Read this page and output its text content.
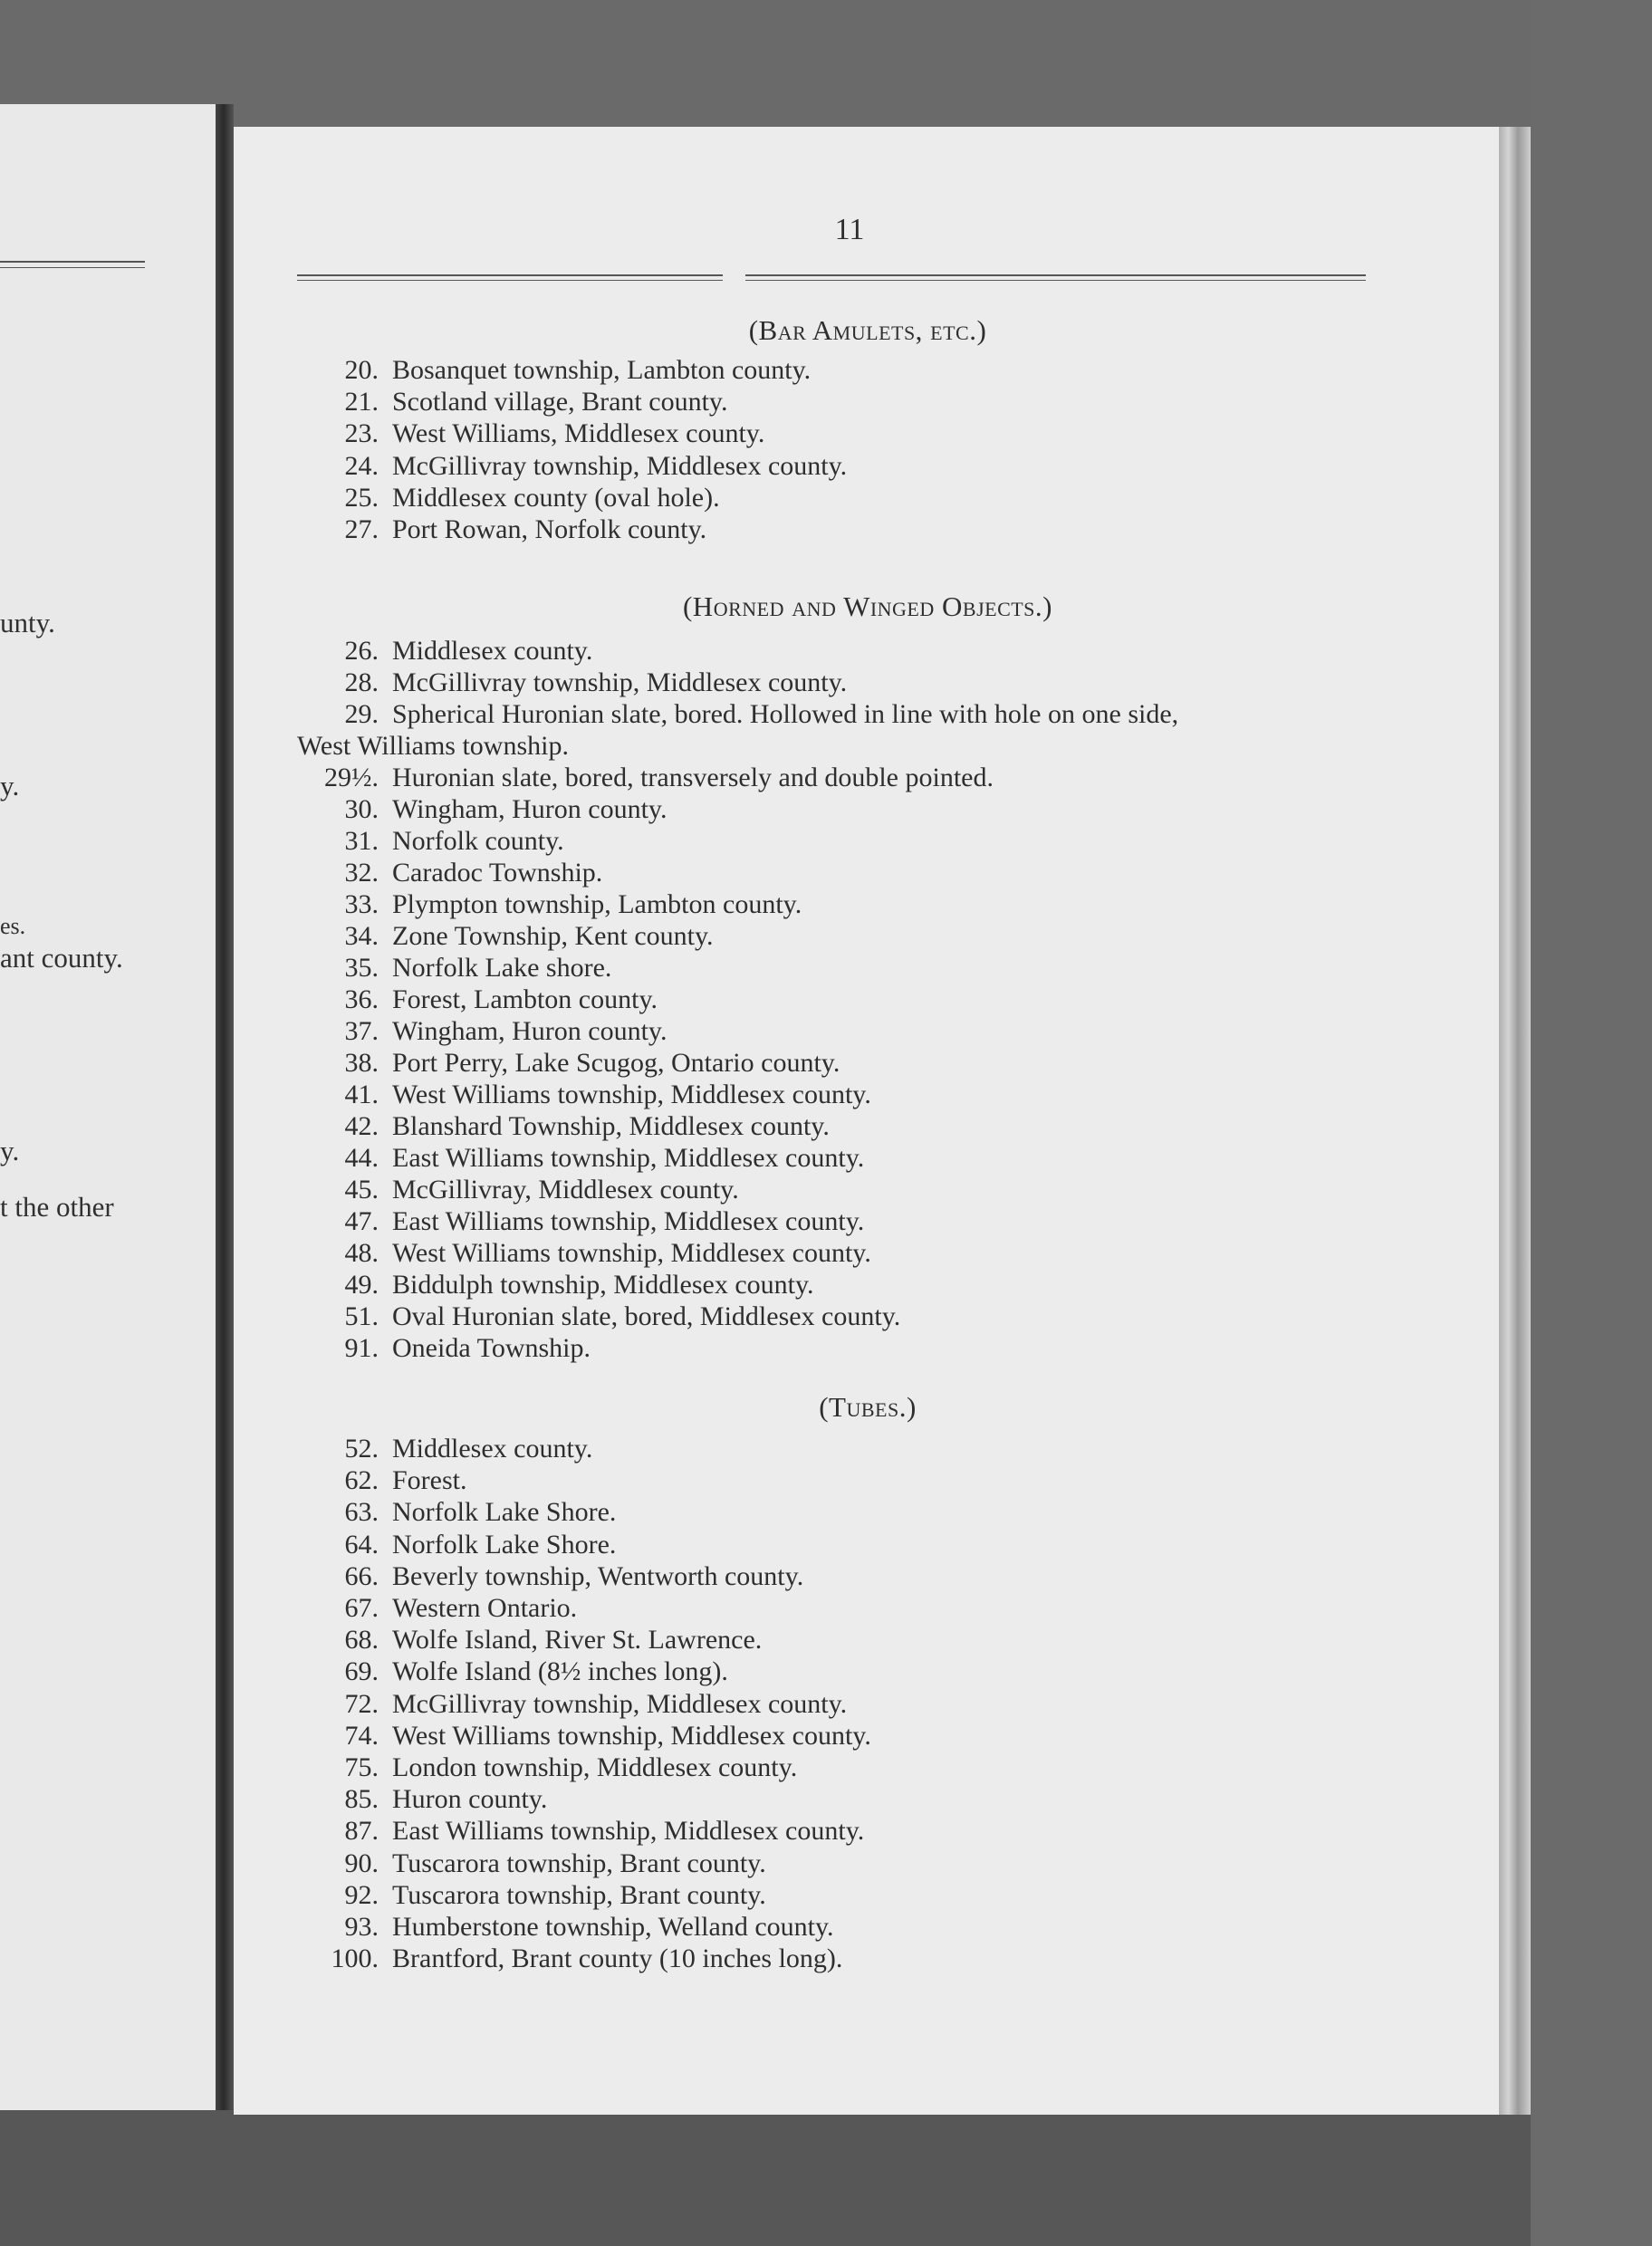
unty.
y.
es.
ant county.
y.
t the other
11
(Bar Amulets, etc.)
20. Bosanquet township, Lambton county.
21. Scotland village, Brant county.
23. West Williams, Middlesex county.
24. McGillivray township, Middlesex county.
25. Middlesex county (oval hole).
27. Port Rowan, Norfolk county.
(Horned and Winged Objects.)
26. Middlesex county.
28. McGillivray township, Middlesex county.
29. Spherical Huronian slate, bored. Hollowed in line with hole on one side,
West Williams township.
29½. Huronian slate, bored, transversely and double pointed.
30. Wingham, Huron county.
31. Norfolk county.
32. Caradoc Township.
33. Plympton township, Lambton county.
34. Zone Township, Kent county.
35. Norfolk Lake shore.
36. Forest, Lambton county.
37. Wingham, Huron county.
38. Port Perry, Lake Scugog, Ontario county.
41. West Williams township, Middlesex county.
42. Blanshard Township, Middlesex county.
44. East Williams township, Middlesex county.
45. McGillivray, Middlesex county.
47. East Williams township, Middlesex county.
48. West Williams township, Middlesex county.
49. Biddulph township, Middlesex county.
51. Oval Huronian slate, bored, Middlesex county.
91. Oneida Township.
(Tubes.)
52. Middlesex county.
62. Forest.
63. Norfolk Lake Shore.
64. Norfolk Lake Shore.
66. Beverly township, Wentworth county.
67. Western Ontario.
68. Wolfe Island, River St. Lawrence.
69. Wolfe Island (8½ inches long).
72. McGillivray township, Middlesex county.
74. West Williams township, Middlesex county.
75. London township, Middlesex county.
85. Huron county.
87. East Williams township, Middlesex county.
90. Tuscarora township, Brant county.
92. Tuscarora township, Brant county.
93. Humberstone township, Welland county.
100. Brantford, Brant county (10 inches long).
